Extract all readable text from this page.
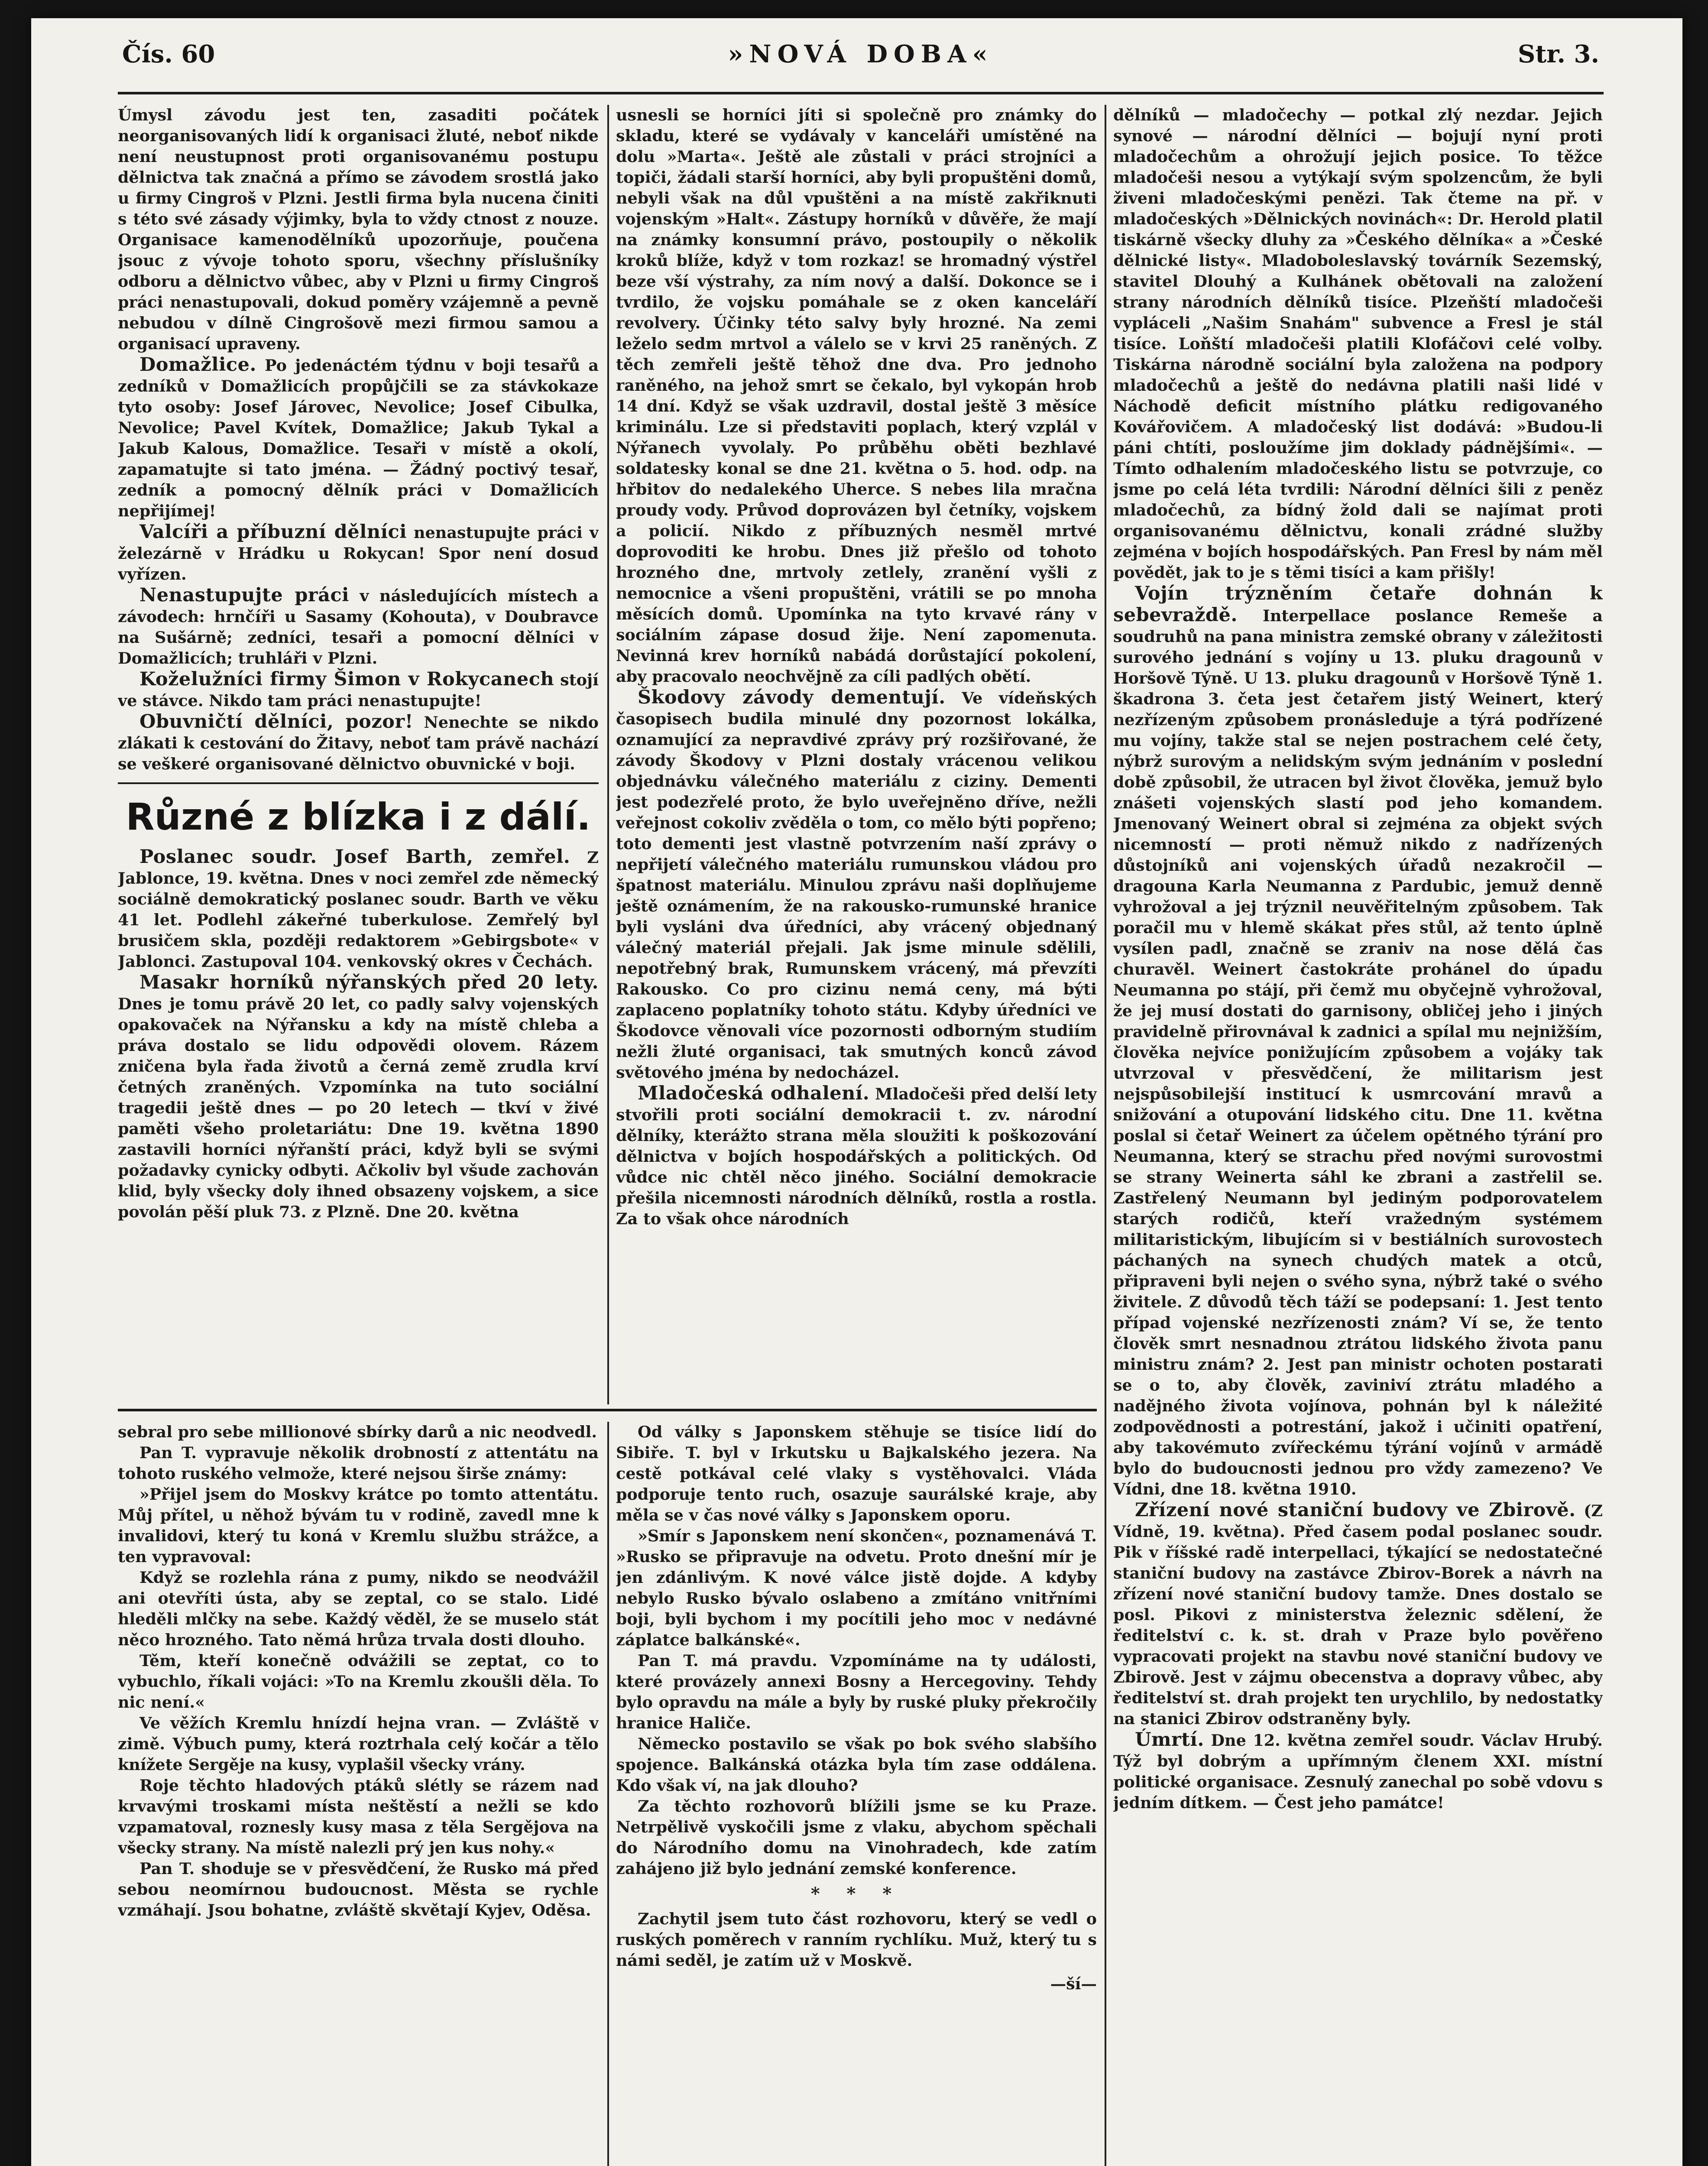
Čís. 60	»NOVÁ DOBA«	Str. 3.

Úmysl závodu jest ten, zasaditi počátek neorganisovaných lidí k organisaci žluté, neboť nikde není neustupnost proti organisovanému postupu dělnictva tak značná a přímo se závodem srostlá jako u firmy Cingroš v Plzni. Jestli firma byla nucena činiti s této své zásady výjimky, byla to vždy ctnost z nouze. Organisace kamenodělníků upozorňuje, poučena jsouc z vývoje tohoto sporu, všechny příslušníky odboru a dělnictvo vůbec, aby v Plzni u firmy Cingroš práci nenastupovali, dokud poměry vzájemně a pevně nebudou v dílně Cingrošově mezi firmou samou a organisací upraveny.

Domažlice. Po jedenáctém týdnu v boji tesařů a zedníků v Domažlicích propůjčili se za stávkokaze tyto osoby: Josef Járovec, Nevolice; Josef Cibulka, Nevolice; Pavel Kvítek, Domažlice; Jakub Tykal a Jakub Kalous, Domažlice. Tesaři v místě a okolí, zapamatujte si tato jména. — Žádný poctivý tesař, zedník a pomocný dělník práci v Domažlicích nepřijímej!

Valcíři a příbuzní dělníci nenastupujte práci v železárně v Hrádku u Rokycan! Spor není dosud vyřízen.

Nenastupujte práci v následujících místech a závodech: hrnčíři u Sasamy (Kohouta), v Doubravce na Sušárně; zedníci, tesaři a pomocní dělníci v Domažlicích; truhláři v Plzni.

Koželužníci firmy Šimon v Rokycanech stojí ve stávce. Nikdo tam práci nenastupujte!

Obuvničtí dělníci, pozor! Nenechte se nikdo zlákati k cestování do Žitavy, neboť tam právě nachází se veškeré organisované dělnictvo obuvnické v boji.

Různé z blízka i z dálí.

Poslanec soudr. Josef Barth, zemřel. Z Jablonce, 19. května. Dnes v noci zemřel zde německý sociálně demokratický poslanec soudr. Barth ve věku 41 let. Podlehl zákeřné tuberkulose. Zemřelý byl brusičem skla, později redaktorem »Gebirgsbote« v Jablonci. Zastupoval 104. venkovský okres v Čechách.

Masakr horníků nýřanských před 20 lety. Dnes je tomu právě 20 let, co padly salvy vojenských opakovaček na Nýřansku a kdy na místě chleba a práva dostalo se lidu odpovědi olovem. Rázem zničena byla řada životů a černá země zrudla krví četných zraněných. Vzpomínka na tuto sociální tragedii ještě dnes — po 20 letech — tkví v živé paměti všeho proletariátu: Dne 19. května 1890 zastavili horníci nýřanští práci, když byli se svými požadavky cynicky odbyti. Ačkoliv byl všude zachován klid, byly všecky doly ihned obsazeny vojskem, a sice povolán pěší pluk 73. z Plzně. Dne 20. května

usnesli se horníci jíti si společně pro známky do skladu, které se vydávaly v kanceláři umístěné na dolu »Marta«. Ještě ale zůstali v práci strojníci a topiči, žádali starší horníci, aby byli propuštěni domů, nebyli však na důl vpuštěni a na místě zakřiknuti vojenským »Halt«. Zástupy horníků v důvěře, že mají na známky konsumní právo, postoupily o několik kroků blíže, když v tom rozkaz! se hromadný výstřel beze vší výstrahy, za ním nový a další. Dokonce se i tvrdilo, že vojsku pomáhale se z oken kanceláří revolvery. Účinky této salvy byly hrozné. Na zemi leželo sedm mrtvol a válelo se v krvi 25 raněných. Z těch zemřeli ještě těhož dne dva. Pro jednoho raněného, na jehož smrt se čekalo, byl vykopán hrob 14 dní. Když se však uzdravil, dostal ještě 3 měsíce kriminálu. Lze si představiti poplach, který vzplál v Nýřanech vyvolaly. Po průběhu oběti bezhlavé soldatesky konal se dne 21. května o 5. hod. odp. na hřbitov do nedalekého Uherce. S nebes lila mračna proudy vody. Průvod doprovázen byl četníky, vojskem a policií. Nikdo z příbuzných nesměl mrtvé doprovoditi ke hrobu. Dnes již přešlo od tohoto hrozného dne, mrtvoly zetlely, zranění vyšli z nemocnice a všeni propuštěni, vrátili se po mnoha měsících domů. Upomínka na tyto krvavé rány v sociálním zápase dosud žije. Není zapomenuta. Nevinná krev horníků nabádá dorůstající pokolení, aby pracovalo neochvějně za cíli padlých obětí.

Škodovy závody dementují. Ve vídeňských časopisech budila minulé dny pozornost lokálka, oznamující za nepravdivé zprávy prý rozšiřované, že závody Škodovy v Plzni dostaly vrácenou velikou objednávku válečného materiálu z ciziny. Dementi jest podezřelé proto, že bylo uveřejněno dříve, nežli veřejnost cokoliv zvěděla o tom, co mělo býti popřeno; toto dementi jest vlastně potvrzením naší zprávy o nepřijetí válečného materiálu rumunskou vládou pro špatnost materiálu. Minulou zprávu naši doplňujeme ještě oznámením, že na rakousko-rumunské hranice byli vysláni dva úředníci, aby vrácený objednaný válečný materiál přejali. Jak jsme minule sdělili, nepotřebný brak, Rumunskem vrácený, má převzíti Rakousko. Co pro cizinu nemá ceny, má býti zaplaceno poplatníky tohoto státu. Kdyby úředníci ve Škodovce věnovali více pozornosti odborným studiím nežli žluté organisaci, tak smutných konců závod světového jména by nedocházel.

Mladočeská odhalení. Mladočeši před delší lety stvořili proti sociální demokracii t. zv. národní dělníky, kterážto strana měla sloužiti k poškozování dělnictva v bojích hospodářských a politických. Od vůdce nic chtěl něco jiného. Sociální demokracie přešila nicemnosti národních dělníků, rostla a rostla. Za to však ohce národních

sebral pro sebe millionové sbírky darů a nic neodvedl.

Pan T. vypravuje několik drobností z attentátu na tohoto ruského velmože, které nejsou širše známy:

»Přijel jsem do Moskvy krátce po tomto attentátu. Můj přítel, u něhož bývám tu v rodině, zavedl mne k invalidovi, který tu koná v Kremlu službu strážce, a ten vypravoval:

Když se rozlehla rána z pumy, nikdo se neodvážil ani otevříti ústa, aby se zeptal, co se stalo. Lidé hleděli mlčky na sebe. Každý věděl, že se muselo stát něco hrozného. Tato němá hrůza trvala dosti dlouho.

Těm, kteří konečně odvážili se zeptat, co to vybuchlo, říkali vojáci: »To na Kremlu zkoušli děla. To nic není.«

Ve věžích Kremlu hnízdí hejna vran. — Zvláště v zimě. Výbuch pumy, která roztrhala celý kočár a tělo knížete Sergěje na kusy, vyplašil všecky vrány.

Roje těchto hladových ptáků slétly se rázem nad krvavými troskami místa neštěstí a nežli se kdo vzpamatoval, roznesly kusy masa z těla Sergějova na všecky strany. Na místě nalezli prý jen kus nohy.«

Pan T. shoduje se v přesvědčení, že Rusko má před sebou neomírnou budoucnost. Města se rychle vzmáhají. Jsou bohatne, zvláště skvětají Kyjev, Oděsa.

Od války s Japonskem stěhuje se tisíce lidí do Sibiře. T. byl v Irkutsku u Bajkalského jezera. Na cestě potkával celé vlaky s vystěhovalci. Vláda podporuje tento ruch, osazuje saurálské kraje, aby měla se v čas nové války s Japonskem oporu.

»Smír s Japonskem není skončen«, poznamenává T. »Rusko se připravuje na odvetu. Proto dnešní mír je jen zdánlivým. K nové válce jistě dojde. A kdyby nebylo Rusko bývalo oslabeno a zmítáno vnitřními boji, byli bychom i my pocítili jeho moc v nedávné záplatce balkánské«.

Pan T. má pravdu. Vzpomínáme na ty události, které provázely annexi Bosny a Hercegoviny. Tehdy bylo opravdu na mále a byly by ruské pluky překročily hranice Haliče.

Německo postavilo se však po bok svého slabšího spojence. Balkánská otázka byla tím zase oddálena. Kdo však ví, na jak dlouho?

Za těchto rozhovorů blížili jsme se ku Praze. Netrpělivě vyskočili jsme z vlaku, abychom spěchali do Národního domu na Vinohradech, kde zatím zahájeno již bylo jednání zemské konference.

* * *

Zachytil jsem tuto část rozhovoru, který se vedl o ruských poměrech v ranním rychlíku. Muž, který tu s námi seděl, je zatím už v Moskvě.

—ší—

dělníků — mladočechy — potkal zlý nezdar. Jejich synové — národní dělníci — bojují nyní proti mladočechům a ohrožují jejich posice. To těžce mladočeši nesou a vytýkají svým spolzencům, že byli živeni mladočeskými penězi. Tak čteme na př. v mladočeských »Dělnických novinách«: Dr. Herold platil tiskárně všecky dluhy za »Českého dělníka« a »České dělnické listy«. Mladoboleslavský továrník Sezemský, stavitel Dlouhý a Kulhánek obětovali na založení strany národních dělníků tisíce. Plzeňští mladočeši vypláceli „Našim Snahám" subvence a Fresl je stál tisíce. Loňští mladočeši platili Klofáčovi celé volby. Tiskárna národně sociální byla založena na podpory mladočechů a ještě do nedávna platili naši lidé v Náchodě deficit místního plátku redigovaného Kovářovičem. A mladočeský list dodává: »Budou-li páni chtíti, posloužíme jim doklady pádnějšími«. — Tímto odhalením mladočeského listu se potvrzuje, co jsme po celá léta tvrdili: Národní dělníci šili z peněz mladočechů, za bídný žold dali se najímat proti organisovanému dělnictvu, konali zrádné služby zejména v bojích hospodářských. Pan Fresl by nám měl povědět, jak to je s těmi tisíci a kam přišly!

Vojín trýzněním četaře dohnán k sebevraždě. Interpellace poslance Remeše a soudruhů na pana ministra zemské obrany v záležitosti surového jednání s vojíny u 13. pluku dragounů v Horšově Týně. U 13. pluku dragounů v Horšově Týně 1. škadrona 3. četa jest četařem jistý Weinert, který nezřízeným způsobem pronásleduje a týrá podřízené mu vojíny, takže stal se nejen postrachem celé čety, nýbrž surovým a nelidským svým jednáním v poslední době způsobil, že utracen byl život člověka, jemuž bylo znášeti vojenských slastí pod jeho komandem. Jmenovaný Weinert obral si zejména za objekt svých nicemností — proti němuž nikdo z nadřízených důstojníků ani vojenských úřadů nezakročil — dragouna Karla Neumanna z Pardubic, jemuž denně vyhrožoval a jej trýznil neuvěřitelným způsobem. Tak poračil mu v hlemě skákat přes stůl, až tento úplně vysílen padl, značně se zraniv na nose dělá čas churavěl. Weinert častokráte prohánel do úpadu Neumanna po stájí, při čemž mu obyčejně vyhrožoval, že jej musí dostati do garnisony, obličej jeho i jiných pravidelně přirovnával k zadnici a spílal mu nejnižším, člověka nejvíce ponižujícím způsobem a vojáky tak utvrzoval v přesvědčení, že militarism jest nejspůsobilejší institucí k usmrcování mravů a snižování a otupování lidského citu. Dne 11. května poslal si četař Weinert za účelem opětného týrání pro Neumanna, který se strachu před novými surovostmi se strany Weinerta sáhl ke zbrani a zastřelil se. Zastřelený Neumann byl jediným podporovatelem starých rodičů, kteří vražedným systémem militaristickým, libujícím si v bestiálních surovostech páchaných na synech chudých matek a otců, připraveni byli nejen o svého syna, nýbrž také o svého živitele. Z důvodů těch táží se podepsaní: 1. Jest tento případ vojenské nezřízenosti znám? Ví se, že tento člověk smrt nesnadnou ztrátou lidského života panu ministru znám? 2. Jest pan ministr ochoten postarati se o to, aby člověk, zaviniví ztrátu mladého a nadějného života vojínova, pohnán byl k náležité zodpovědnosti a potrestání, jakož i učiniti opatření, aby takovémuto zvířeckému týrání vojínů v armádě bylo do budoucnosti jednou pro vždy zamezeno? Ve Vídni, dne 18. května 1910.

Zřízení nové staniční budovy ve Zbirově. (Z Vídně, 19. května). Před časem podal poslanec soudr. Pik v říšské radě interpellaci, týkající se nedostatečné staniční budovy na zastávce Zbirov-Borek a návrh na zřízení nové staniční budovy tamže. Dnes dostalo se posl. Pikovi z ministerstva železnic sdělení, že ředitelství c. k. st. drah v Praze bylo pověřeno vypracovati projekt na stavbu nové staniční budovy ve Zbirově. Jest v zájmu obecenstva a dopravy vůbec, aby ředitelství st. drah projekt ten urychlilo, by nedostatky na stanici Zbirov odstraněny byly.

Úmrtí. Dne 12. května zemřel soudr. Václav Hrubý. Týž byl dobrým a upřímným členem XXI. místní politické organisace. Zesnulý zanechal po sobě vdovu s jedním dítkem. — Čest jeho památce!
